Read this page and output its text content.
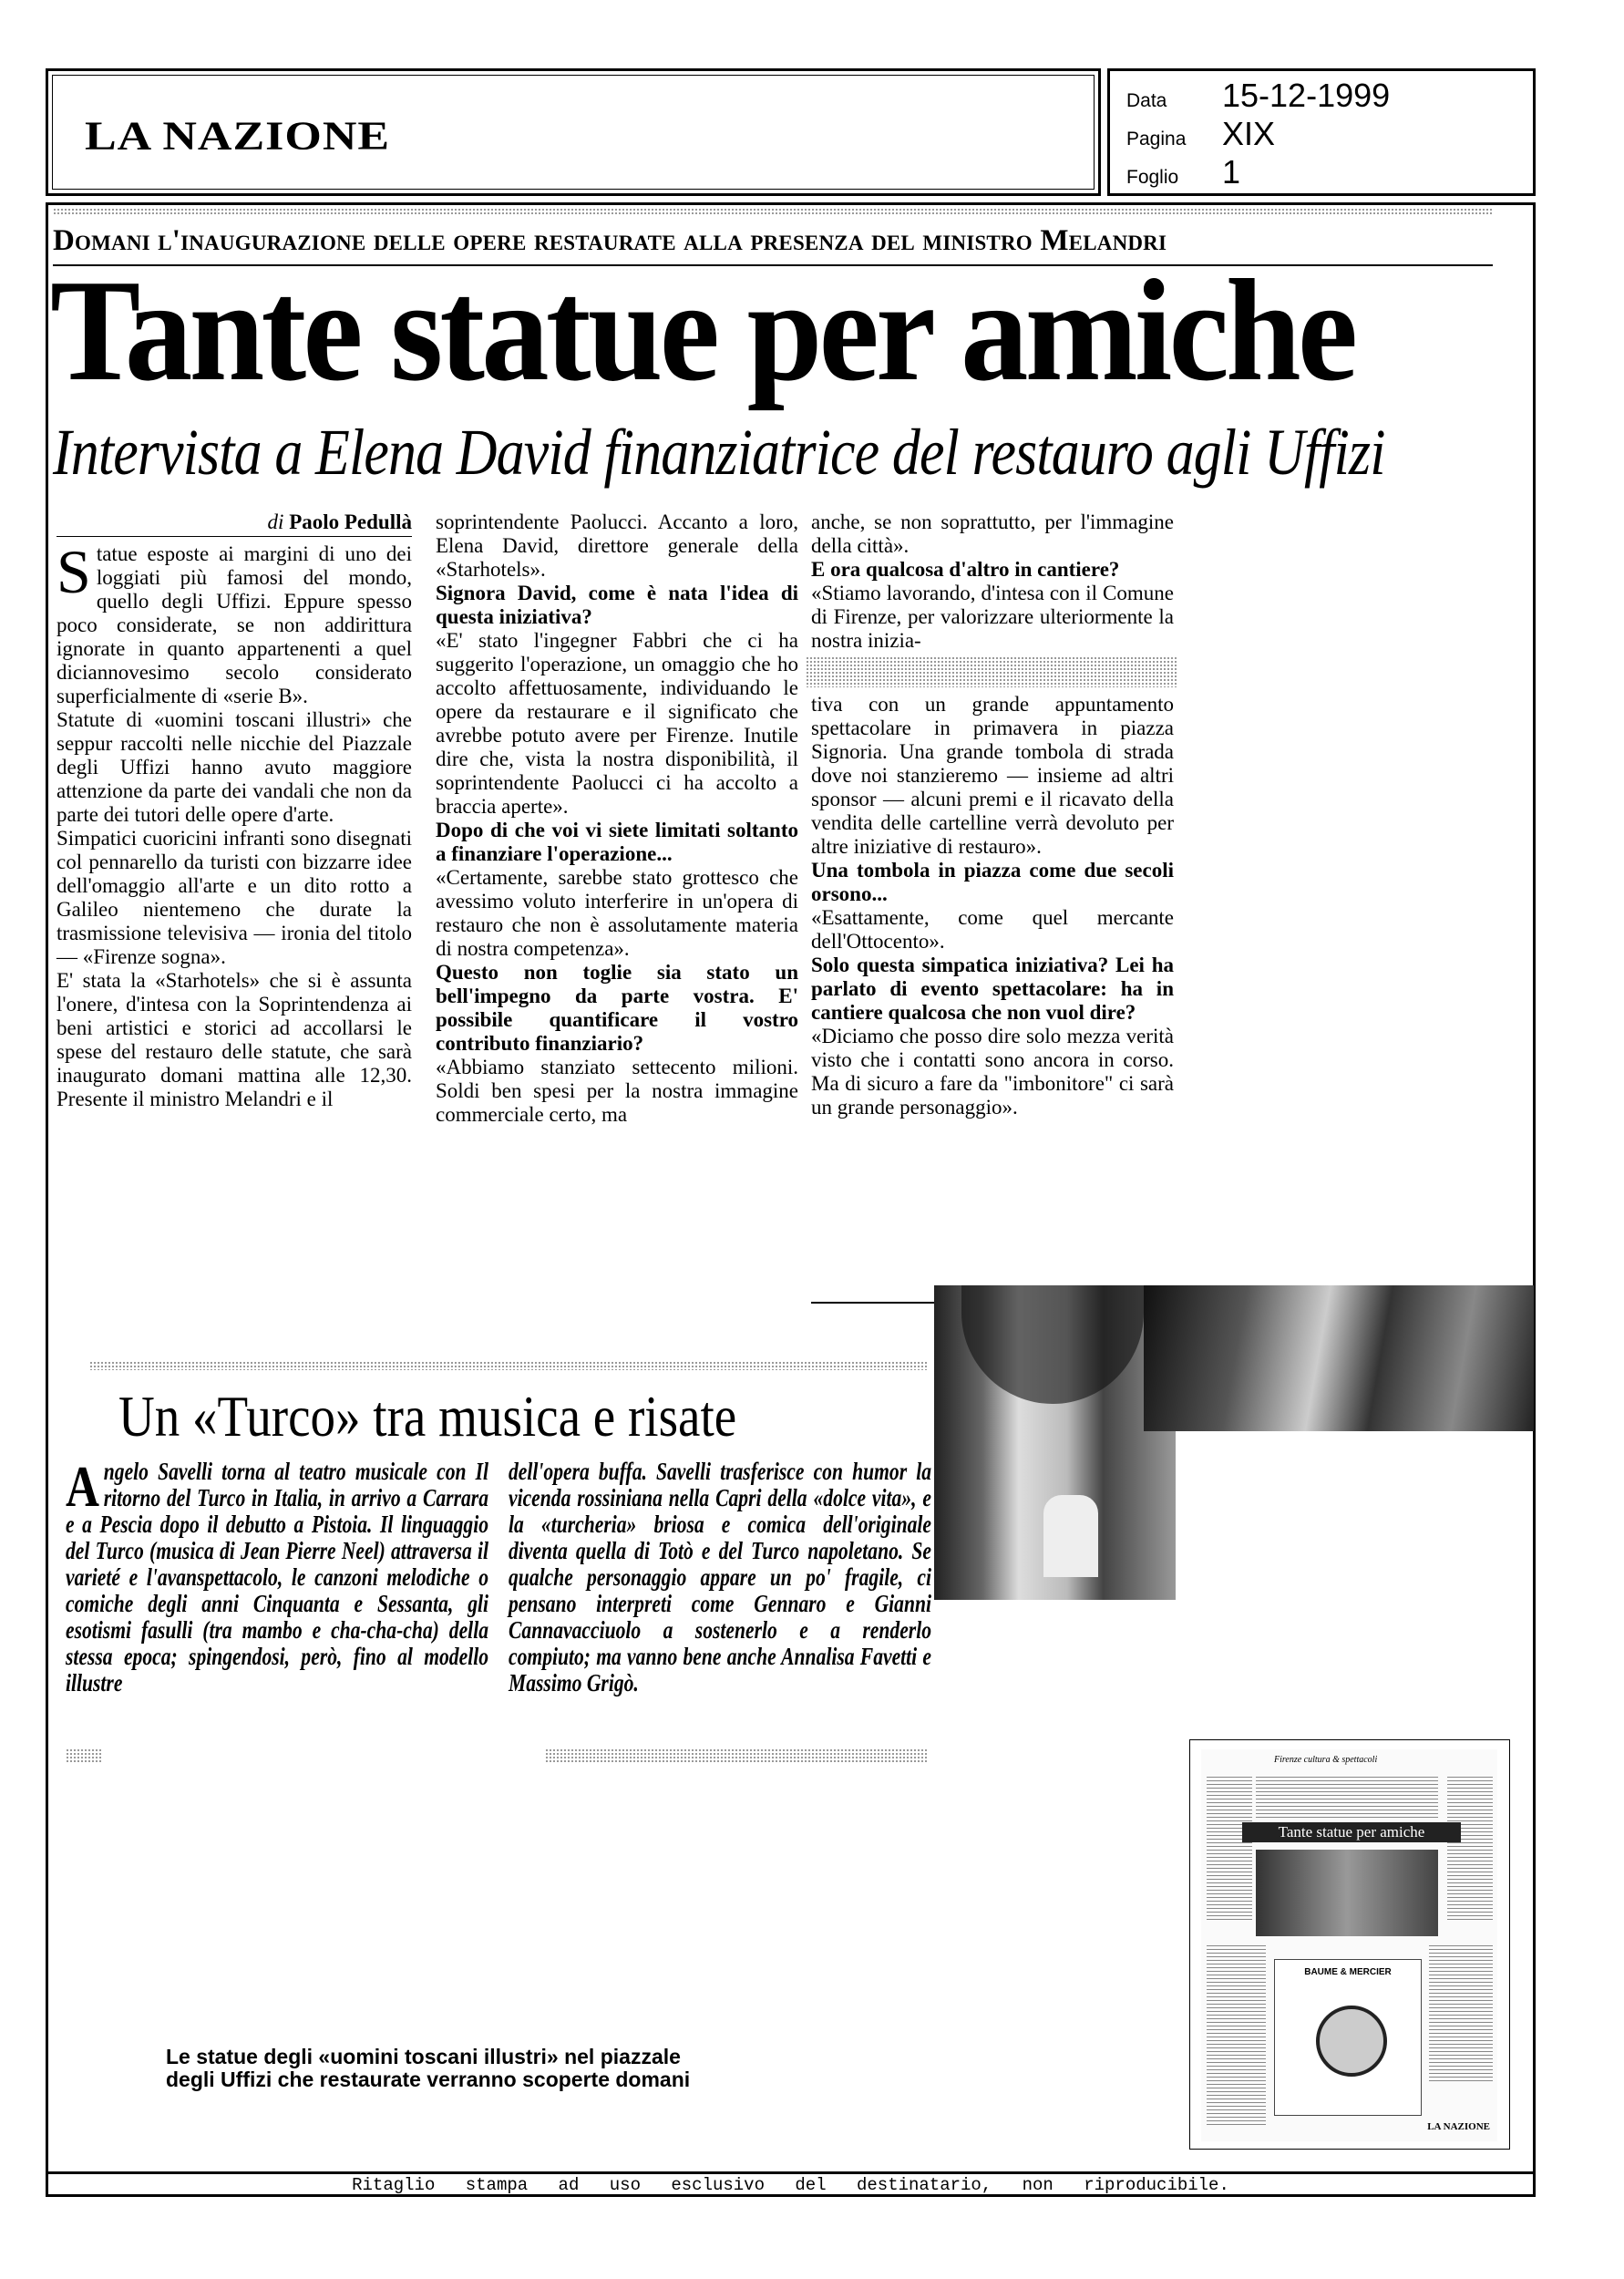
LA NAZIONE
Data	15-12-1999
Pagina	XIX
Foglio	1
Domani l'inaugurazione delle opere restaurate alla presenza del ministro Melandri
Tante statue per amiche
Intervista a Elena David finanziatrice del restauro agli Uffizi
di Paolo Pedullà
S tatue esposte ai margini di uno dei loggiati più famosi del mondo, quello degli Uffizi. Eppure spesso poco considerate, se non addirittura ignorate in quanto appartenenti a quel diciannovesimo secolo considerato superficialmente di «serie B».

Statute di «uomini toscani illustri» che seppur raccolti nelle nicchie del Piazzale degli Uffizi hanno avuto maggiore attenzione da parte dei vandali che non da parte dei tutori delle opere d'arte.

Simpatici cuoricini infranti sono disegnati col pennarello da turisti con bizzarre idee dell'omaggio all'arte e un dito rotto a Galileo nientemeno che durate la trasmissione televisiva — ironia del titolo — «Firenze sogna».

E' stata la «Starhotels» che si è assunta l'onere, d'intesa con la Soprintendenza ai beni artistici e storici ad accollarsi le spese del restauro delle statute, che sarà inaugurato domani mattina alle 12,30. Presente il ministro Melandri e il

soprintendente Paolucci. Accanto a loro, Elena David, direttore generale della «Starhotels».

Signora David, come è nata l'idea di questa iniziativa?

«E' stato l'ingegner Fabbri che ci ha suggerito l'operazione, un omaggio che ho accolto affettuosamente, individuando le opere da restaurare e il significato che avrebbe potuto avere per Firenze. Inutile dire che, vista la nostra disponibilità, il soprintendente Paolucci ci ha accolto a braccia aperte».

Dopo di che voi vi siete limitati soltanto a finanziare l'operazione...

«Certamente, sarebbe stato grottesco che avessimo voluto interferire in un'opera di restauro che non è assolutamente materia di nostra competenza».

Questo non toglie sia stato un bell'impegno da parte vostra. E' possibile quantificare il vostro contributo finanziario?

«Abbiamo stanziato settecento milioni. Soldi ben spesi per la nostra immagine commerciale certo, ma

anche, se non soprattutto, per l'immagine della città».

E ora qualcosa d'altro in cantiere?

«Stiamo lavorando, d'intesa con il Comune di Firenze, per valorizzare ulteriormente la nostra inizia-

tiva con un grande appuntamento spettacolare in primavera in piazza Signoria. Una grande tombola di strada dove noi stanzieremo — insieme ad altri sponsor — alcuni premi e il ricavato della vendita delle cartelline verrà devoluto per altre iniziative di restauro».

Una tombola in piazza come due secoli orsono...

«Esattamente, come quel mercante dell'Ottocento».

Solo questa simpatica iniziativa? Lei ha parlato di evento spettacolare: ha in cantiere qualcosa che non vuol dire?

«Diciamo che posso dire solo mezza verità visto che i contatti sono ancora in corso. Ma di sicuro a fare da "imbonitore" ci sarà un grande personaggio».

Un «Turco» tra musica e risate
A ngelo Savelli torna al teatro musicale con Il ritorno del Turco in Italia, in arrivo a Carrara e a Pescia dopo il debutto a Pistoia. Il linguaggio del Turco (musica di Jean Pierre Neel) attraversa il varieté e l'avanspettacolo, le canzoni melodiche o comiche degli anni Cinquanta e Sessanta, gli esotismi fasulli (tra mambo e cha-cha-cha) della stessa epoca; spingendosi, però, fino al modello illustre

dell'opera buffa. Savelli trasferisce con humor la vicenda rossiniana nella Capri della «dolce vita», e la «turcheria» briosa e comica dell'originale diventa quella di Totò e del Turco napoletano. Se qualche personaggio appare un po' fragile, ci pensano interpreti come Gennaro e Gianni Cannavacciuolo a sostenerlo e a renderlo compiuto; ma vanno bene anche Annalisa Favetti e Massimo Grigò.

Le statue degli «uomini toscani illustri» nel piazzale
degli Uffizi che restaurate verranno scoperte domani
Firenze cultura & spettacoli
Tante statue per amiche
BAUME & MERCIER
LA NAZIONE
Ritaglio stampa ad uso esclusivo del destinatario, non riproducibile.
